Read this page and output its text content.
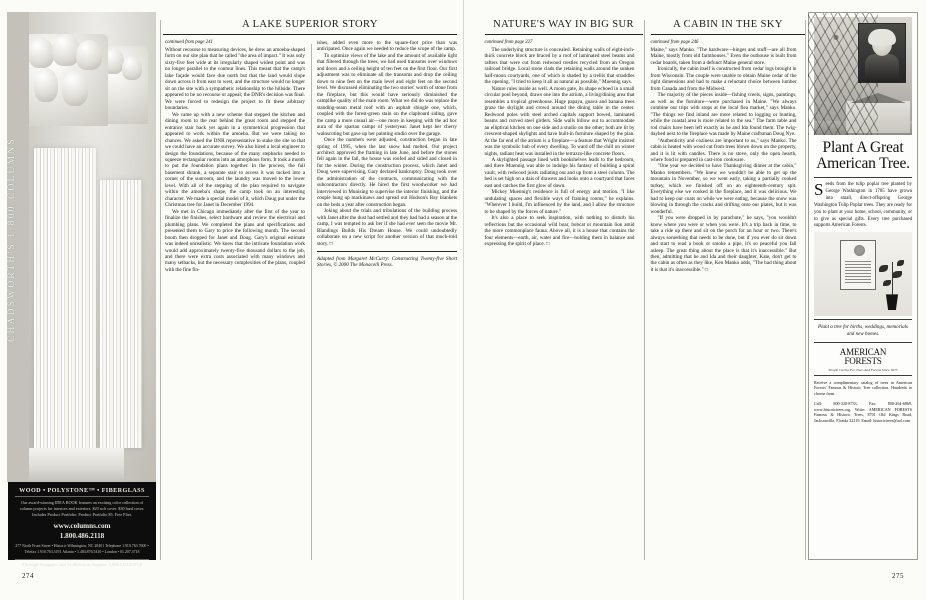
CHADSWORTH'S 1·800·COLUMNS
WOOD • POLYSTONE™ • FIBERGLASS
Our award-winning IDEA BOOK features an exciting color collection of column projects for interiors and exteriors. $20 soft cover. $30 hard cover. Includes Product Portfolio. Product Portfolio $5. Free Flier.
www.columns.com
1.800.486.2118
277 North Front Street • Historic Wilmington, NC 28401 Telephone 1.910.763.7600 • Telefax 1.910.763.3191 Atlanta • 1.404.876.5410 • London • 01.207.3718
Through Designers and Architects or Inquire: 1.800.COLUMNS
A LAKE SUPERIOR STORY

continued from page 241

Without recourse to measuring devices, he drew an amoeba-shaped form on our site plan that he called "the area of impact." It was only sixty-five feet wide at its irregularly shaped widest point and was no longer parallel to the contour lines. This meant that the camp's lake façade would face due north but that the land would slope down across it from east to west, and the structure would no longer sit on the site with a sympathetic relationship to the hillside. There appeared to be no recourse or appeal; the DNR's decision was final. We were forced to redesign the project to fit these arbitrary boundaries.

We came up with a new scheme that stepped the kitchen and dining room to the rear behind the great room and stepped the entrance stair back yet again in a symmetrical progression that appeared to work within the amoeba. But we were taking no chances. We asked the DNR representative to stake the site so that we could have an accurate survey. We also hired a local engineer to design the foundations, because of the many stepbacks needed to squeeze rectangular rooms into an amorphous form. It took a month to put the foundation plans together. In the process, the full basement shrank, a separate stair to access it was tucked into a corner of the sunroom, and the laundry was moved to the lower level. With all of the stepping of the plan required to navigate within the amoeba's shape, the camp took on an interesting character. We made a special model of it, which Doug put under the Christmas tree for Janet in December 1994.

We met in Chicago immediately after the first of the year to finalize the finishes, select hardware and review the electrical and plumbing plans. We completed the plans and specifications and presented them to Gary to price the following month. The second boom then dropped for Janet and Doug. Gary's original estimate was indeed unrealistic. We knew that the intricate foundation work would add approximately twenty-five thousand dollars to the job, and there were extra costs associated with many windows and many setbacks, but the necessary complexities of the plans, coupled with the fine fin-

ishes, added even more to the square-foot price than was anticipated. Once again we needed to reduce the scope of the camp.

To optimize views of the lake and the amount of available light that filtered through the trees, we had used transoms over windows and doors and a ceiling height of ten feet on the first floor. Our first adjustment was to eliminate all the transoms and drop the ceiling down to nine feet on the main level and eight feet on the second level. We discussed eliminating the two stories' worth of stone from the fireplace, but this would have seriously diminished the camplike quality of the main room. What we did do was replace the standing-seam metal roof with an asphalt shingle one, which, coupled with the forest-green stain on the clapboard siding, gave the camp a more casual air—one more in keeping with the ad hoc aura of the spartan camps of yesteryear. Janet kept her cherry wainscoting but gave up her painting studio over the garage.

Once the numbers were adjusted, construction began in late spring of 1995, when the last snow had melted. Our project architect approved the framing in late June, and before the stones fell again in the fall, the house was roofed and sided and closed in for the winter. During the construction process, which Janet and Doug were supervising, Gary declared bankruptcy. Doug took over the administration of the contracts, communicating with the subcontractors directly. He hired the first woodworker we had interviewed in Munising to supervise the interior finishing, and the couple hung up mackinaws and spread out Hudson's Bay blankets on the beds a year after construction began.

Joking about the trials and tribulations of the building process with Janet after the dust had settled and they had had a season at the camp, I was tempted to ask her if she had ever seen the movie Mr. Blandings Builds His Dream House. We could undoubtedly collaborate on a new script for another version of that much-told story. □

Adapted from Margaret McCurry: Constructing Twenty-five Short Stories, © 2000 The Monacelli Press.

274
NATURE'S WAY IN BIG SUR	A CABIN IN THE SKY

continued from page 227

The underlying structure is concealed. Retaining walls of eight-inch-thick concrete block are braced by a roof of laminated steel beams and rafters that were cut from redwood trestles recycled from an Oregon railroad bridge. Local stone clads the retaining walls around the sunken half-moon courtyards, one of which is shaded by a trellis that straddles the opening. "I tried to keep it all as natural as possible," Muennig says.

Nature rules inside as well. A moon gate, its shape echoed in a small circular pool beyond, draws one into the atrium, a living/dining area that resembles a tropical greenhouse. Huge papaya, guava and banana trees graze the skylight and crowd around the dining table in the center. Redwood poles with steel arched capitals support bowed, laminated beams and curved steel girders. Side walls billow out to accommodate an elliptical kitchen on one side and a studio on the other; both are lit by crescent-shaped skylights and have built-in furniture shaped by the plan. At the far end of the atrium is a fireplace—a feature that Wright insisted was the symbolic hub of every dwelling. To ward off the chill on winter nights, radiant heat was installed in the terrazzo-like concrete floors.

A skylighted passage lined with bookshelves leads to the bedroom, and there Muennig was able to indulge his fantasy of building a spiral vault, with redwood joists radiating out and up from a steel column. The bed is set high on a dais of drawers and looks onto a courtyard that faces east and catches the first glow of dawn.

Mickey Muennig's residence is full of energy and motion. "I like undulating spaces and flexible ways of framing rooms," he explains. "Wherever I build, I'm influenced by the land, and I allow the structure to be shaped by the forces of nature."

It's also a place to seek inspiration, with nothing to disturb his reflections but the occasional wild boar, bobcat or mountain lion amid the more commonplace fauna. Above all, it is a house that contains the four elements—earth, air, water and fire—holding them in balance and expressing the spirit of place. □

continued from page 246

Maine," says Manko. "The hardware—hinges and stuff—are all from Maine, mostly from old farmhouses." Even the outhouse is built from cedar boards, taken from a defunct Maine general store.

Ironically, the cabin itself is constructed from cedar logs brought in from Wisconsin. The couple were unable to obtain Maine cedar of the right dimensions and had to make a reluctant choice between lumber from Canada and from the Midwest.

The majority of the pieces inside—fishing creels, signs, paintings, as well as the furniture—were purchased in Maine. "We always combine our trips with stops at the local flea market," says Manko. "The things we find inland are more related to logging or hunting, while the coastal area is more related to the sea." The farm table and rod chairs have been left exactly as he and Ida found them. The twig-daybed next to the fireplace was made by Maine craftsman Doug Nye.

"Authenticity and coziness are important to us," says Manko. The cabin is heated with wood cut from trees blown down on the property, and it is lit with candles. There is no stove, only the open hearth, where food is prepared in cast-iron cookware.

"One year we decided to have Thanksgiving dinner at the cabin," Manko remembers. "We knew we wouldn't be able to get up the mountain in November, so we went early, taking a partially cooked turkey, which we finished off on an eighteenth-century spit. Everything else we cooked in the fireplace, and it was delicious. We had to keep our coats on while we were eating, because the snow was blowing in through the cracks and drifting onto our plates, but it was wonderful.

"If you were dropped in by parachute," he says, "you wouldn't know where you were or when you were. It's a trip back in time, to take a ride up there and sit on the porch for an hour or two. There's always something that needs to be done, but if you ever do sit down and start to read a book or smoke a pipe, it's so peaceful you fall asleep. The great thing about the place is that it's inaccessible." But then, admitting that he and Ida and their daughter, Kate, don't get to the cabin as often as they like, Ken Manko adds, "The bad thing about it is that it's inaccessible." □

Plant A Great American Tree.
Seeds from the tulip poplar tree planted by George Washington in 1785 have grown into small, direct-offspring George Washington Tulip Poplar trees. They are ready for you to plant at your home, school, community, or to give as special gifts. Every tree purchased supports American Forests.
Plant a tree for births, weddings, memorials and new homes.
AMERICAN
FORESTS
People Caring For Trees And Forests Since 1875
Receive a complimentary catalog of trees in American Forests' Famous & Historic Tree collection. Hundreds to choose from.
Call: 800-320-8733, Fax: 800-264-6869, www.historictrees.org, Write: AMERICAN FORESTS Famous & Historic Trees, 8701 Old Kings Road, Jacksonville, Florida 32219. Email: historictrees@aol.com
275
